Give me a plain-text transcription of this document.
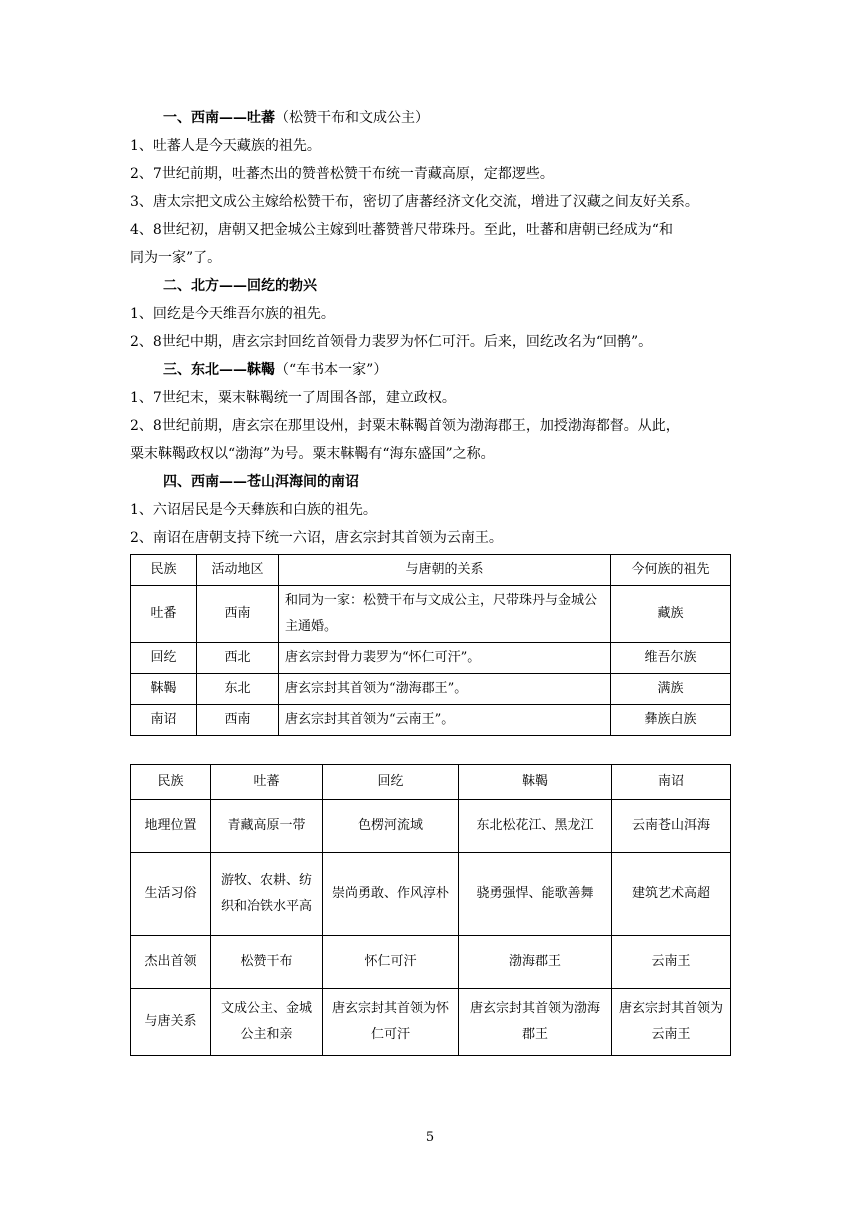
一、西南——吐蕃（松赞干布和文成公主）

1、吐蕃人是今天藏族的祖先。

2、7世纪前期，吐蕃杰出的赞普松赞干布统一青藏高原，定都逻些。

3、唐太宗把文成公主嫁给松赞干布，密切了唐蕃经济文化交流，增进了汉藏之间友好关系。

4、8世纪初，唐朝又把金城公主嫁到吐蕃赞普尺带珠丹。至此，吐蕃和唐朝已经成为“和

同为一家”了。

二、北方——回纥的勃兴

1、回纥是今天维吾尔族的祖先。

2、8世纪中期，唐玄宗封回纥首领骨力裴罗为怀仁可汗。后来，回纥改名为“回鹘”。

三、东北——靺鞨（“车书本一家”）

1、7世纪末，粟末靺鞨统一了周围各部，建立政权。

2、8世纪前期，唐玄宗在那里设州，封粟末靺鞨首领为渤海郡王，加授渤海都督。从此，

粟末靺鞨政权以“渤海”为号。粟末靺鞨有“海东盛国”之称。

四、西南——苍山洱海间的南诏

1、六诏居民是今天彝族和白族的祖先。

2、南诏在唐朝支持下统一六诏，唐玄宗封其首领为云南王。

民族	活动地区	与唐朝的关系	今何族的祖先
吐番	西南	和同为一家：松赞干布与文成公主，尺带珠丹与金城公主通婚。	藏族
回纥	西北	唐玄宗封骨力裴罗为“怀仁可汗”。	维吾尔族
靺鞨	东北	唐玄宗封其首领为“渤海郡王”。	满族
南诏	西南	唐玄宗封其首领为“云南王”。	彝族白族
民族	吐蕃	回纥	靺鞨	南诏
地理位置	青藏高原一带	色楞河流域	东北松花江、黑龙江	云南苍山洱海
生活习俗	游牧、农耕、纺织和冶铁水平高	崇尚勇敢、作风淳朴	骁勇强悍、能歌善舞	建筑艺术高超
杰出首领	松赞干布	怀仁可汗	渤海郡王	云南王
与唐关系	文成公主、金城公主和亲	唐玄宗封其首领为怀仁可汗	唐玄宗封其首领为渤海郡王	唐玄宗封其首领为云南王
5
